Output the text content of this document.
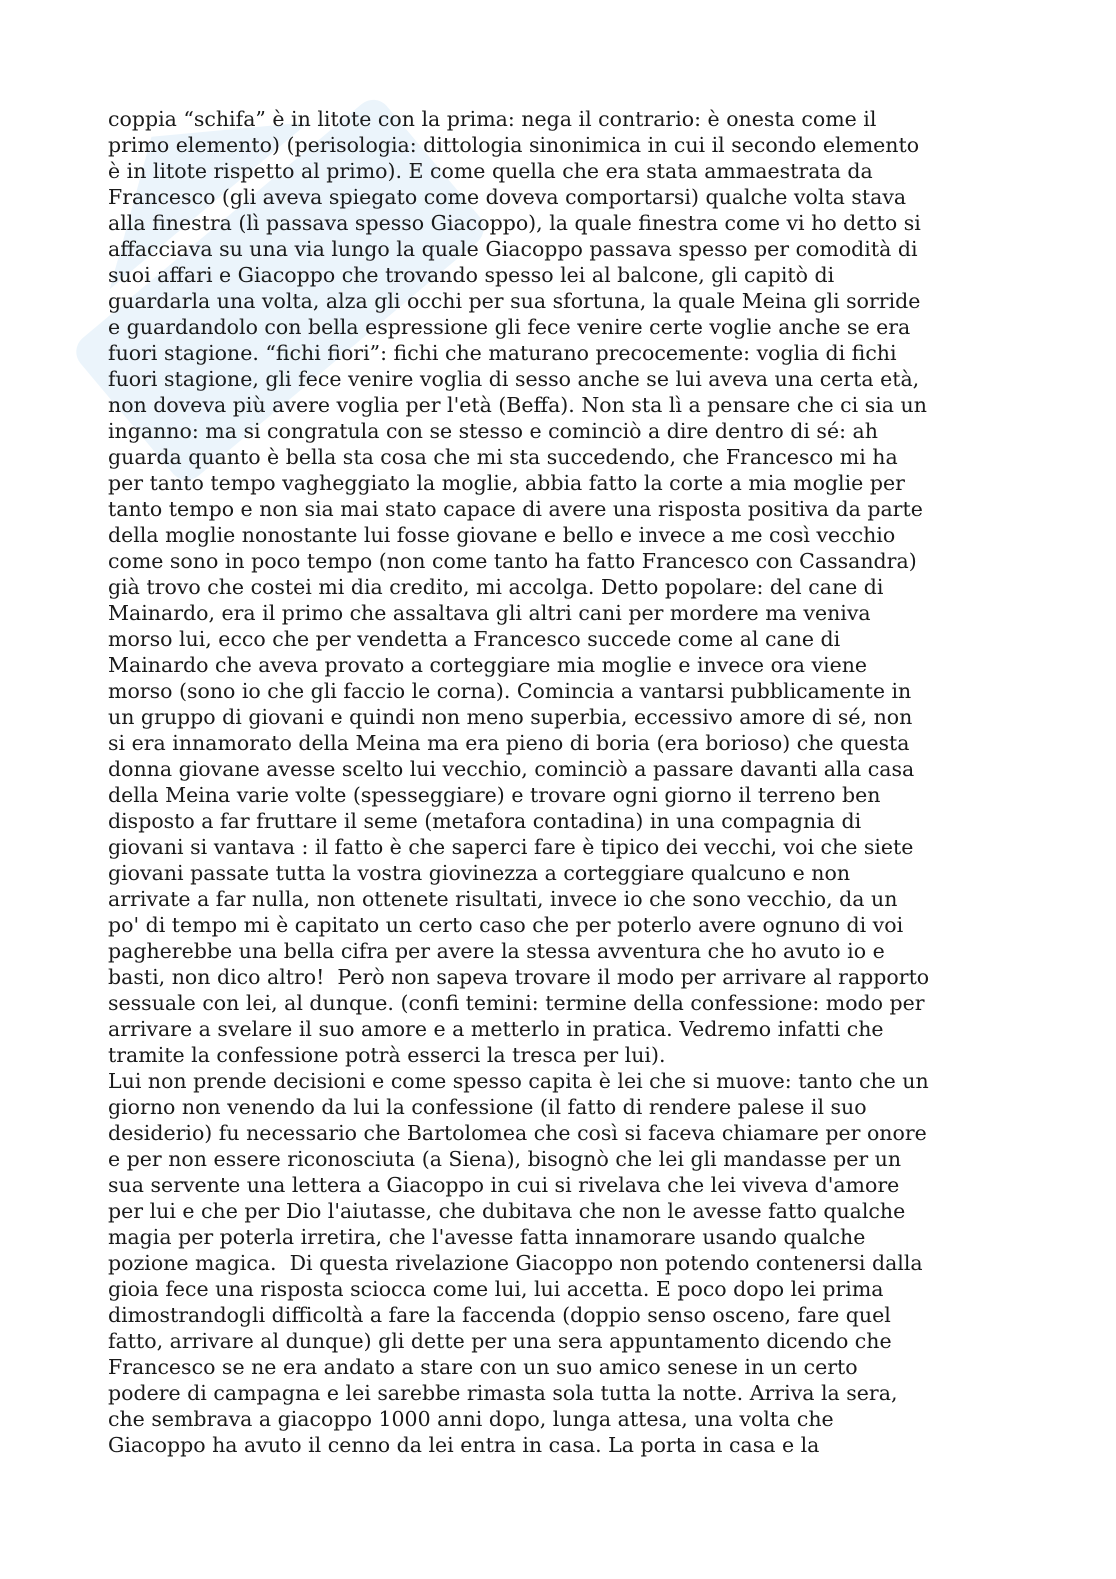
coppia “schifa” è in litote con la prima: nega il contrario: è onesta come il
primo elemento) (perisologia: dittologia sinonimica in cui il secondo elemento
è in litote rispetto al primo). E come quella che era stata ammaestrata da
Francesco (gli aveva spiegato come doveva comportarsi) qualche volta stava
alla finestra (lì passava spesso Giacoppo), la quale finestra come vi ho detto si
affacciava su una via lungo la quale Giacoppo passava spesso per comodità di
suoi affari e Giacoppo che trovando spesso lei al balcone, gli capitò di
guardarla una volta, alza gli occhi per sua sfortuna, la quale Meina gli sorride
e guardandolo con bella espressione gli fece venire certe voglie anche se era
fuori stagione. “fichi fiori”: fichi che maturano precocemente: voglia di fichi
fuori stagione, gli fece venire voglia di sesso anche se lui aveva una certa età,
non doveva più avere voglia per l'età (Beffa). Non sta lì a pensare che ci sia un
inganno: ma si congratula con se stesso e cominciò a dire dentro di sé: ah
guarda quanto è bella sta cosa che mi sta succedendo, che Francesco mi ha
per tanto tempo vagheggiato la moglie, abbia fatto la corte a mia moglie per
tanto tempo e non sia mai stato capace di avere una risposta positiva da parte
della moglie nonostante lui fosse giovane e bello e invece a me così vecchio
come sono in poco tempo (non come tanto ha fatto Francesco con Cassandra)
già trovo che costei mi dia credito, mi accolga. Detto popolare: del cane di
Mainardo, era il primo che assaltava gli altri cani per mordere ma veniva
morso lui, ecco che per vendetta a Francesco succede come al cane di
Mainardo che aveva provato a corteggiare mia moglie e invece ora viene
morso (sono io che gli faccio le corna). Comincia a vantarsi pubblicamente in
un gruppo di giovani e quindi non meno superbia, eccessivo amore di sé, non
si era innamorato della Meina ma era pieno di boria (era borioso) che questa
donna giovane avesse scelto lui vecchio, cominciò a passare davanti alla casa
della Meina varie volte (spesseggiare) e trovare ogni giorno il terreno ben
disposto a far fruttare il seme (metafora contadina) in una compagnia di
giovani si vantava : il fatto è che saperci fare è tipico dei vecchi, voi che siete
giovani passate tutta la vostra giovinezza a corteggiare qualcuno e non
arrivate a far nulla, non ottenete risultati, invece io che sono vecchio, da un
po' di tempo mi è capitato un certo caso che per poterlo avere ognuno di voi
pagherebbe una bella cifra per avere la stessa avventura che ho avuto io e
basti, non dico altro!  Però non sapeva trovare il modo per arrivare al rapporto
sessuale con lei, al dunque. (confi temini: termine della confessione: modo per
arrivare a svelare il suo amore e a metterlo in pratica. Vedremo infatti che
tramite la confessione potrà esserci la tresca per lui).
Lui non prende decisioni e come spesso capita è lei che si muove: tanto che un
giorno non venendo da lui la confessione (il fatto di rendere palese il suo
desiderio) fu necessario che Bartolomea che così si faceva chiamare per onore
e per non essere riconosciuta (a Siena), bisognò che lei gli mandasse per un
sua servente una lettera a Giacoppo in cui si rivelava che lei viveva d'amore
per lui e che per Dio l'aiutasse, che dubitava che non le avesse fatto qualche
magia per poterla irretira, che l'avesse fatta innamorare usando qualche
pozione magica.  Di questa rivelazione Giacoppo non potendo contenersi dalla
gioia fece una risposta sciocca come lui, lui accetta. E poco dopo lei prima
dimostrandogli difficoltà a fare la faccenda (doppio senso osceno, fare quel
fatto, arrivare al dunque) gli dette per una sera appuntamento dicendo che
Francesco se ne era andato a stare con un suo amico senese in un certo
podere di campagna e lei sarebbe rimasta sola tutta la notte. Arriva la sera,
che sembrava a giacoppo 1000 anni dopo, lunga attesa, una volta che
Giacoppo ha avuto il cenno da lei entra in casa. La porta in casa e la
